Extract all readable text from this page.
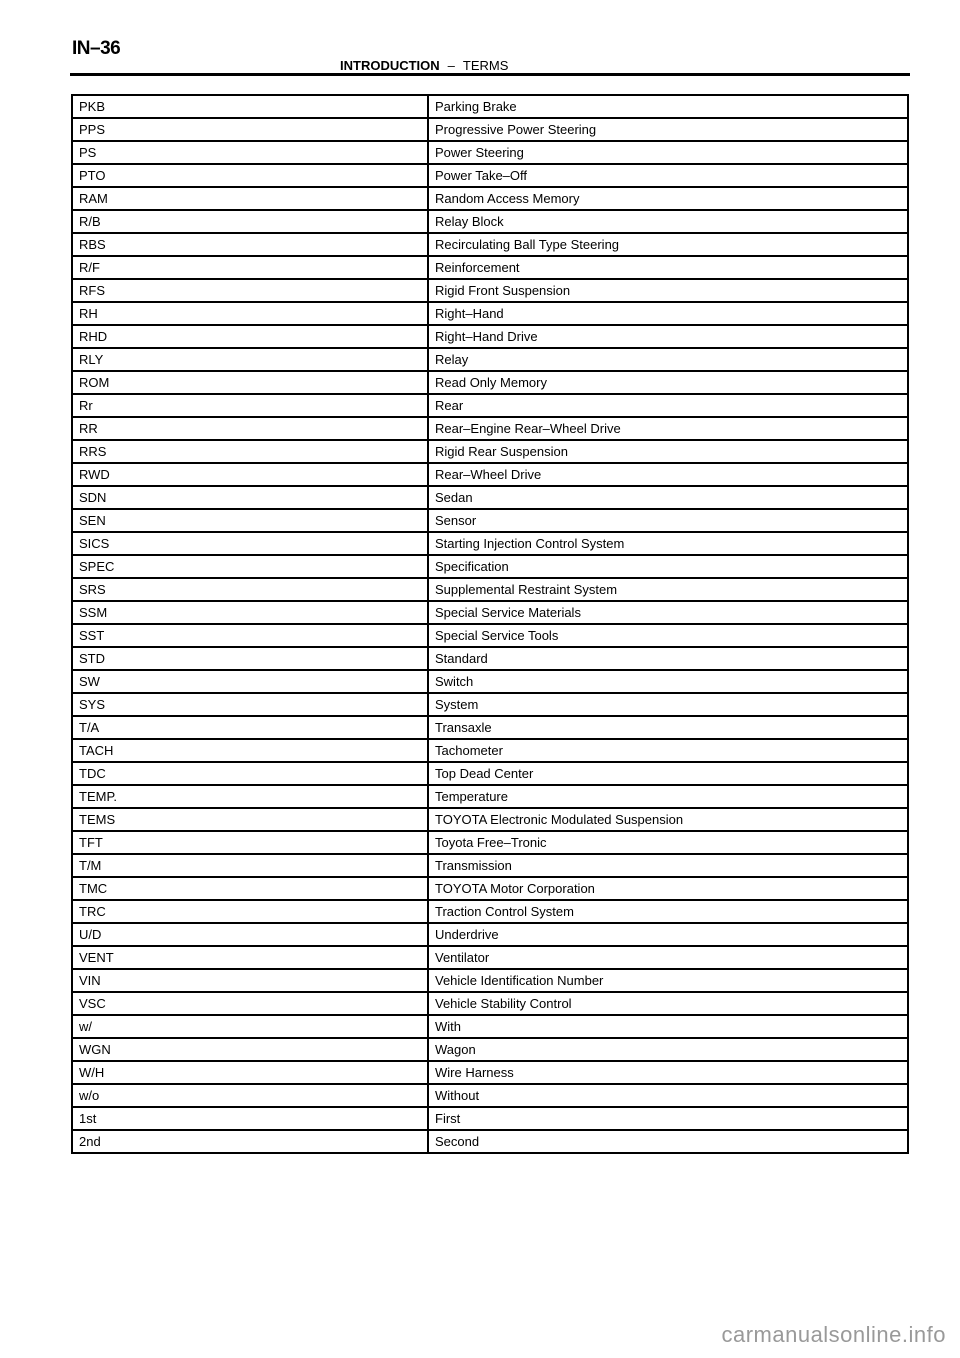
IN–36
INTRODUCTION – TERMS
PKB	Parking Brake
PPS	Progressive Power Steering
PS	Power Steering
PTO	Power Take–Off
RAM	Random Access Memory
R/B	Relay Block
RBS	Recirculating Ball Type Steering
R/F	Reinforcement
RFS	Rigid Front Suspension
RH	Right–Hand
RHD	Right–Hand Drive
RLY	Relay
ROM	Read Only Memory
Rr	Rear
RR	Rear–Engine Rear–Wheel Drive
RRS	Rigid Rear Suspension
RWD	Rear–Wheel Drive
SDN	Sedan
SEN	Sensor
SICS	Starting Injection Control System
SPEC	Specification
SRS	Supplemental Restraint System
SSM	Special Service Materials
SST	Special Service Tools
STD	Standard
SW	Switch
SYS	System
T/A	Transaxle
TACH	Tachometer
TDC	Top Dead Center
TEMP.	Temperature
TEMS	TOYOTA Electronic Modulated Suspension
TFT	Toyota Free–Tronic
T/M	Transmission
TMC	TOYOTA Motor Corporation
TRC	Traction Control System
U/D	Underdrive
VENT	Ventilator
VIN	Vehicle Identification Number
VSC	Vehicle Stability Control
w/	With
WGN	Wagon
W/H	Wire Harness
w/o	Without
1st	First
2nd	Second
carmanualsonline.info
